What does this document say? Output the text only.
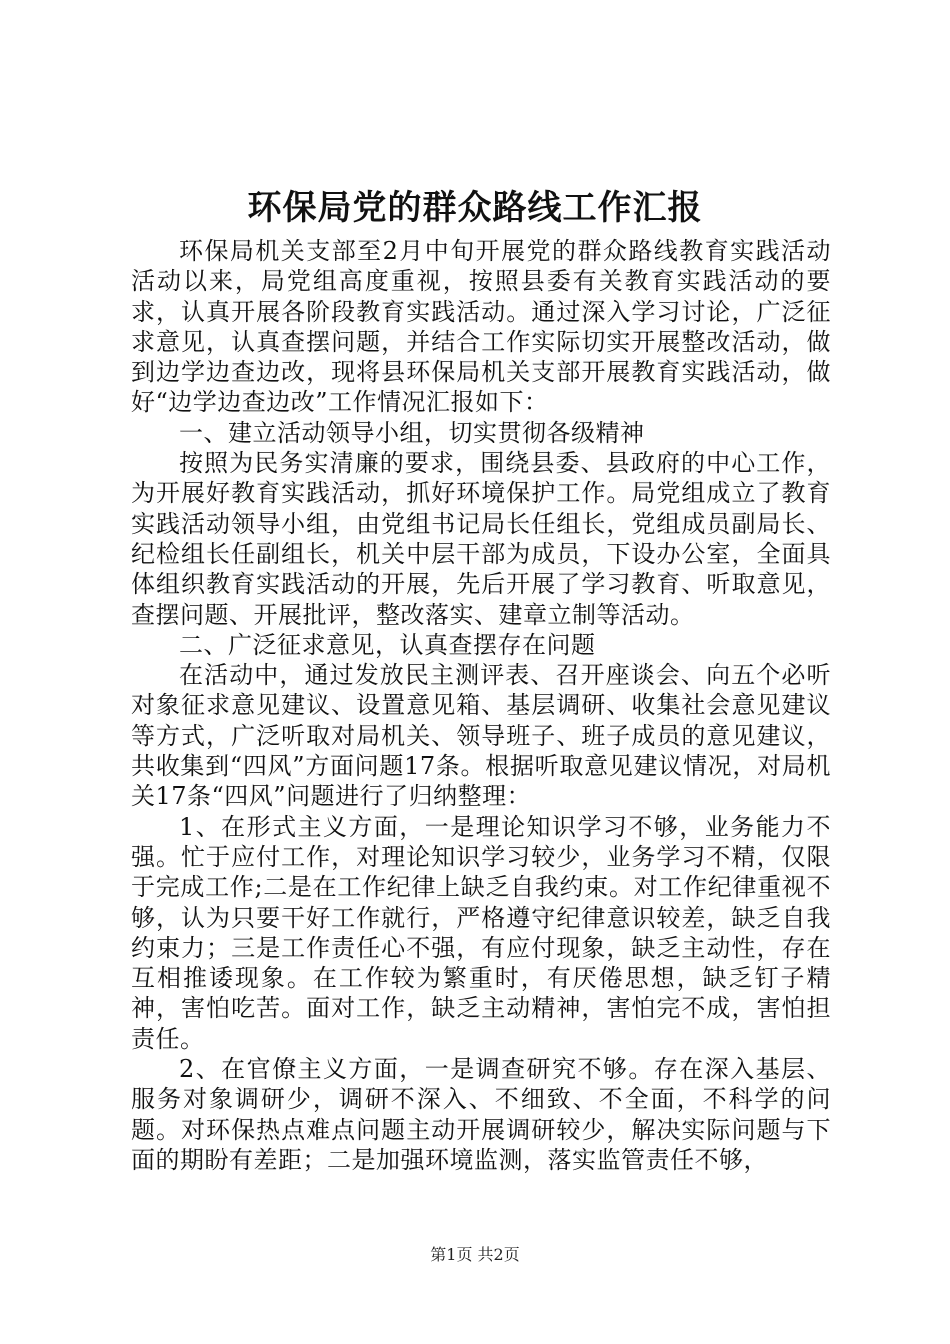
环保局党的群众路线工作汇报

环保局机关支部至2月中旬开展党的群众路线教育实践活动活动以来，局党组高度重视，按照县委有关教育实践活动的要求，认真开展各阶段教育实践活动。通过深入学习讨论，广泛征求意见，认真查摆问题，并结合工作实际切实开展整改活动，做到边学边查边改，现将县环保局机关支部开展教育实践活动，做好“边学边查边改”工作情况汇报如下：

一、建立活动领导小组，切实贯彻各级精神

按照为民务实清廉的要求，围绕县委、县政府的中心工作，为开展好教育实践活动，抓好环境保护工作。局党组成立了教育实践活动领导小组，由党组书记局长任组长，党组成员副局长、纪检组长任副组长，机关中层干部为成员，下设办公室，全面具体组织教育实践活动的开展，先后开展了学习教育、听取意见，查摆问题、开展批评，整改落实、建章立制等活动。

二、广泛征求意见，认真查摆存在问题

在活动中，通过发放民主测评表、召开座谈会、向五个必听对象征求意见建议、设置意见箱、基层调研、收集社会意见建议等方式，广泛听取对局机关、领导班子、班子成员的意见建议，共收集到“四风”方面问题17条。根据听取意见建议情况，对局机关17条“四风”问题进行了归纳整理：

1、在形式主义方面，一是理论知识学习不够，业务能力不强。忙于应付工作，对理论知识学习较少，业务学习不精，仅限于完成工作;二是在工作纪律上缺乏自我约束。对工作纪律重视不够，认为只要干好工作就行，严格遵守纪律意识较差，缺乏自我约束力；三是工作责任心不强，有应付现象，缺乏主动性，存在互相推诿现象。在工作较为繁重时，有厌倦思想，缺乏钉子精神，害怕吃苦。面对工作，缺乏主动精神，害怕完不成，害怕担责任。

2、在官僚主义方面，一是调查研究不够。存在深入基层、服务对象调研少，调研不深入、不细致、不全面，不科学的问题。对环保热点难点问题主动开展调研较少，解决实际问题与下面的期盼有差距；二是加强环境监测，落实监管责任不够，

第1页 共2页
